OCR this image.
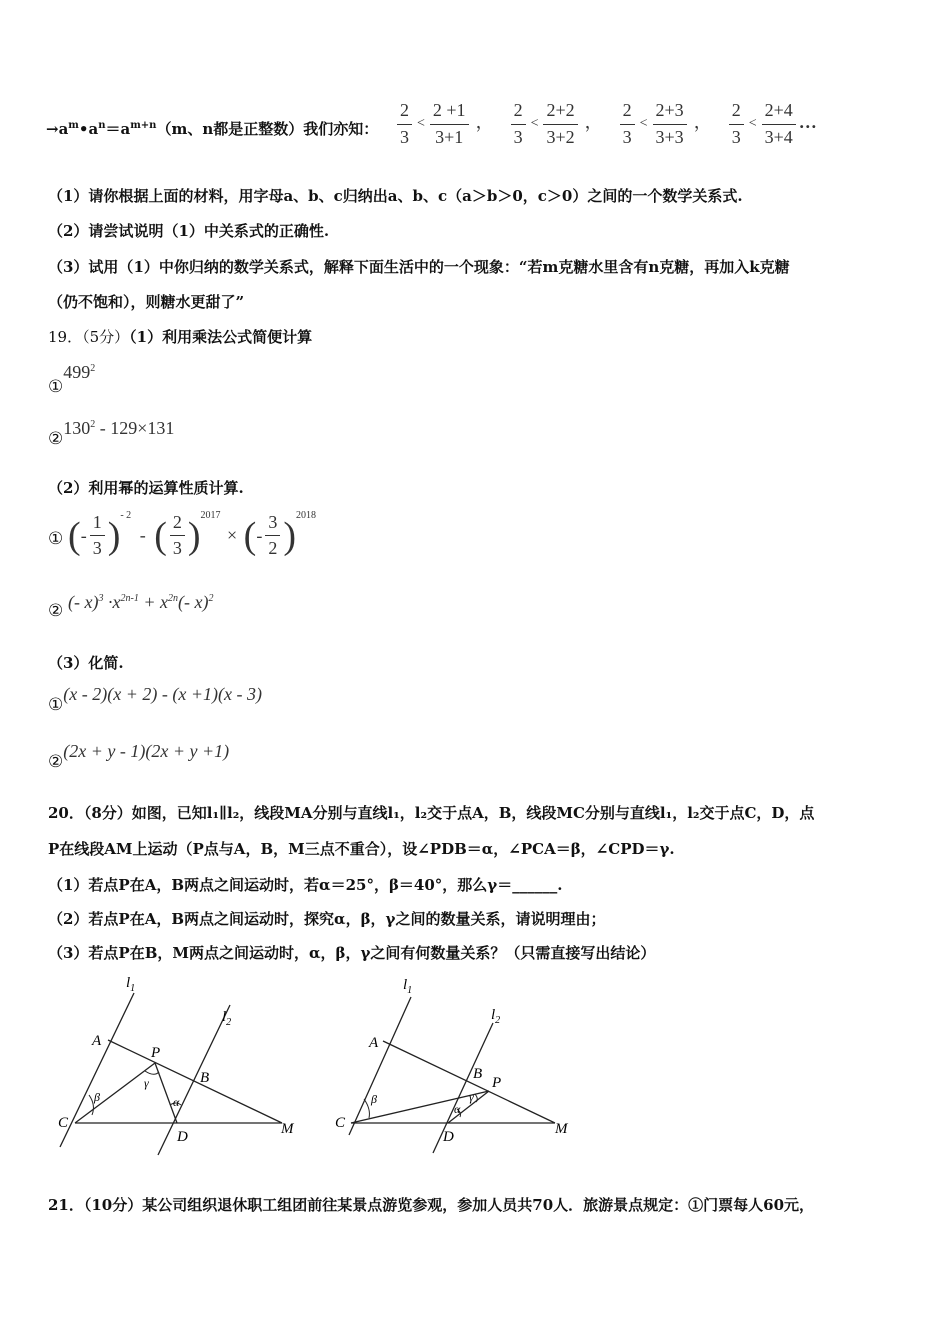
$\to a^m•a^n=a^{m+n}(m$、n都是正整数）我们亦知： $\frac{2}{3} < \frac{2 +1}{3+1}$ ， $\frac{2}{3} < \frac{2+2}{3+2}$ ， $\frac{2}{3} < \frac{2+3}{3+3}$ ， $\frac{2}{3} < \frac{2+4}{3+4}$ …
（1）请你根据上面的材料，用字母a、b、c归纳出a、b、c（a＞b＞0，c＞0）之间的一个数学关系式.
（2）请尝试说明（1）中关系式的正确性.
（3）试用（1）中你归纳的数学关系式，解释下面生活中的一个现象：“若m克糖水里含有n克糖，再加入k克糖
（仍不饱和），则糖水更甜了”
19．（5分）（1）利用乘法公式简便计算
$①499^2$
$②130^2 - 129\times 131$
（2）利用幂的运算性质计算.
① (- $\frac{1}{3} )^{- 2}$ - ( $\frac{2}{3} )^{2017}$ × (- $\frac{3}{2} )^{2018}$
② (- $x)^3 \cdot x^{2n-1} + x^{2n}(-$ x)$^2$
（3）化简.
①(x - 2)(x + 2) - (x +1)(x - 3)
②(2x + y - 1)(2x + y +1)
20．（8分）如图，已知l₁∥l₂，线段MA分别与直线l₁，l₂交于点A，B，线段MC分别与直线l₁，l₂交于点C，D，点
P在线段AM上运动（P点与A，B，M三点不重合），设∠PDB＝α，∠PCA＝β，∠CPD＝γ.
（1）若点P在A，B两点之间运动时，若α＝25°，β＝40°，那么γ＝______.
（2）若点P在A，B两点之间运动时，探究α，β，γ之间的数量关系，请说明理由；
（3）若点P在B，M两点之间运动时，α，β，γ之间有何数量关系？（只需直接写出结论）
$l_1$
$l_2$
A
P
B
C
D	M
β
γ
α
$l_1$
$l_2$
A
B
P
C
D	M
β	γ
α
21．（10分）某公司组织退休职工组团前往某景点游览参观，参加人员共70人．旅游景点规定：①门票每人60元，
